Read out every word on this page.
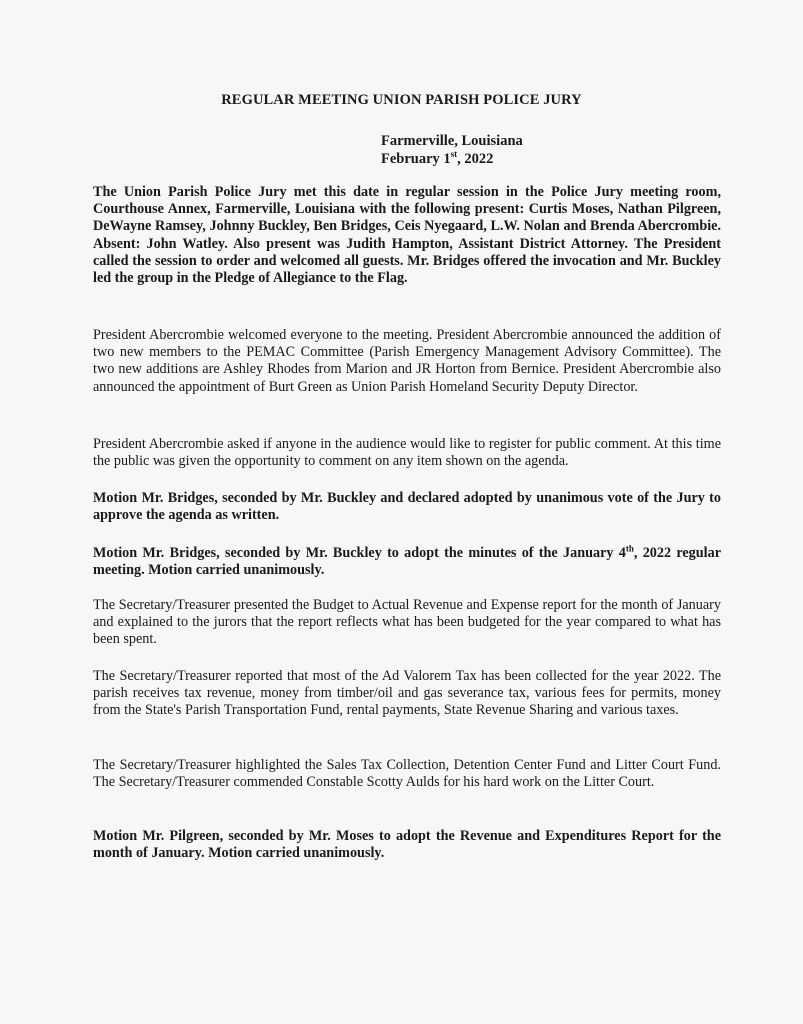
REGULAR MEETING UNION PARISH POLICE JURY
Farmerville, Louisiana
February 1st, 2022
The Union Parish Police Jury met this date in regular session in the Police Jury meeting room, Courthouse Annex, Farmerville, Louisiana with the following present: Curtis Moses, Nathan Pilgreen, DeWayne Ramsey, Johnny Buckley, Ben Bridges, Ceis Nyegaard, L.W. Nolan and Brenda Abercrombie. Absent: John Watley. Also present was Judith Hampton, Assistant District Attorney. The President called the session to order and welcomed all guests. Mr. Bridges offered the invocation and Mr. Buckley led the group in the Pledge of Allegiance to the Flag.
President Abercrombie welcomed everyone to the meeting. President Abercrombie announced the addition of two new members to the PEMAC Committee (Parish Emergency Management Advisory Committee). The two new additions are Ashley Rhodes from Marion and JR Horton from Bernice. President Abercrombie also announced the appointment of Burt Green as Union Parish Homeland Security Deputy Director.
President Abercrombie asked if anyone in the audience would like to register for public comment. At this time the public was given the opportunity to comment on any item shown on the agenda.
Motion Mr. Bridges, seconded by Mr. Buckley and declared adopted by unanimous vote of the Jury to approve the agenda as written.
Motion Mr. Bridges, seconded by Mr. Buckley to adopt the minutes of the January 4th, 2022 regular meeting. Motion carried unanimously.
The Secretary/Treasurer presented the Budget to Actual Revenue and Expense report for the month of January and explained to the jurors that the report reflects what has been budgeted for the year compared to what has been spent.
The Secretary/Treasurer reported that most of the Ad Valorem Tax has been collected for the year 2022. The parish receives tax revenue, money from timber/oil and gas severance tax, various fees for permits, money from the State's Parish Transportation Fund, rental payments, State Revenue Sharing and various taxes.
The Secretary/Treasurer highlighted the Sales Tax Collection, Detention Center Fund and Litter Court Fund. The Secretary/Treasurer commended Constable Scotty Aulds for his hard work on the Litter Court.
Motion Mr. Pilgreen, seconded by Mr. Moses to adopt the Revenue and Expenditures Report for the month of January. Motion carried unanimously.
